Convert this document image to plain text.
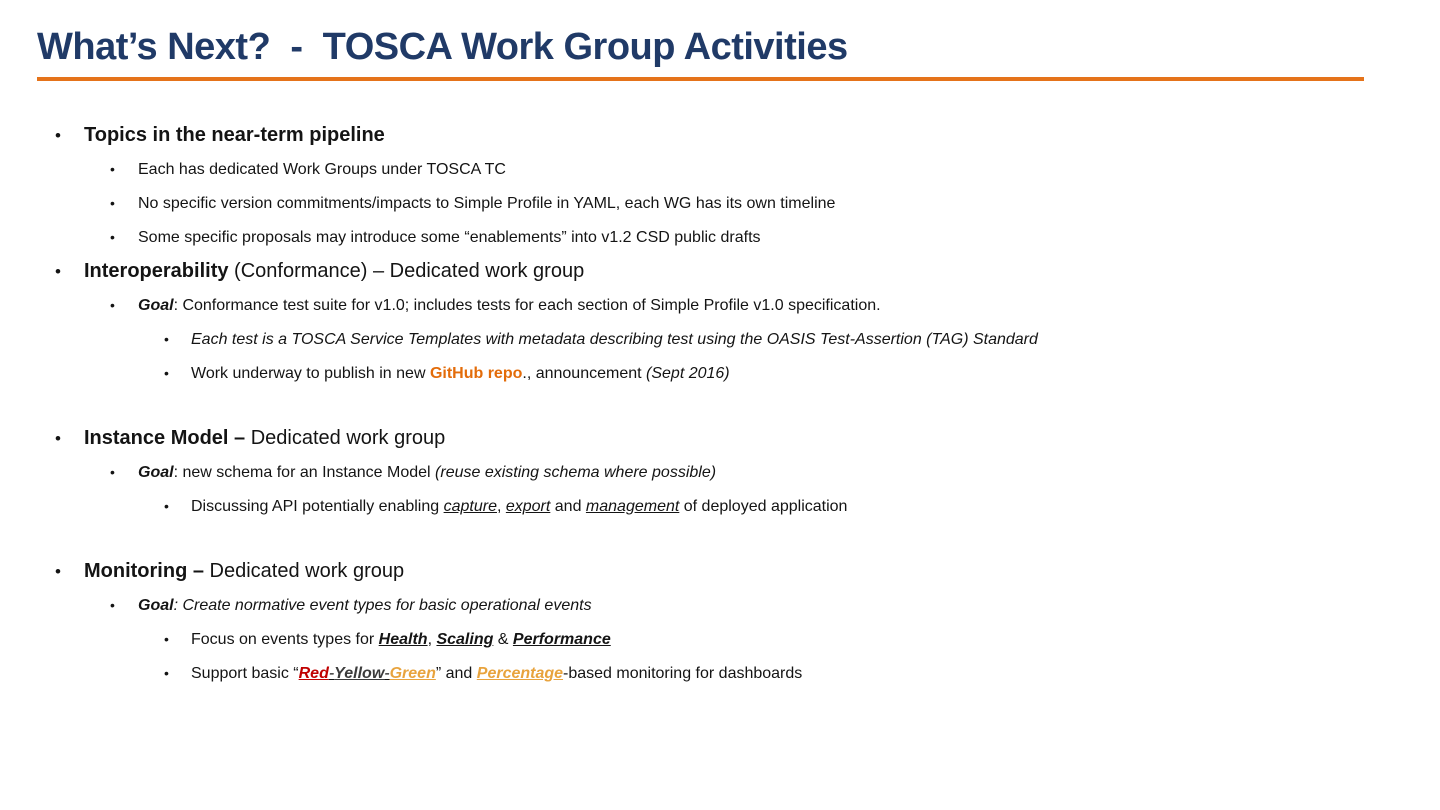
What’s Next?  -  TOSCA Work Group Activities
•	Topics in the near-term pipeline
•	Each has dedicated Work Groups under TOSCA TC
•	No specific version commitments/impacts to Simple Profile in YAML, each WG has its own timeline
•	Some specific proposals may introduce some “enablements” into v1.2 CSD public drafts
•	Interoperability (Conformance) – Dedicated work group
•	Goal: Conformance test suite for v1.0; includes tests for each section of Simple Profile v1.0 specification.
•	Each test is a TOSCA Service Templates with metadata describing test using the OASIS Test-Assertion (TAG) Standard
•	Work underway to publish in new GitHub repo., announcement (Sept 2016)
•	Instance Model – Dedicated work group
•	Goal: new schema for an Instance Model (reuse existing schema where possible)
•	Discussing API potentially enabling capture, export and management of deployed application
•	Monitoring – Dedicated work group
•	Goal: Create normative event types for basic operational events
•	Focus on events types for Health, Scaling & Performance
•	Support basic “Red-Yellow-Green” and Percentage-based monitoring for dashboards
